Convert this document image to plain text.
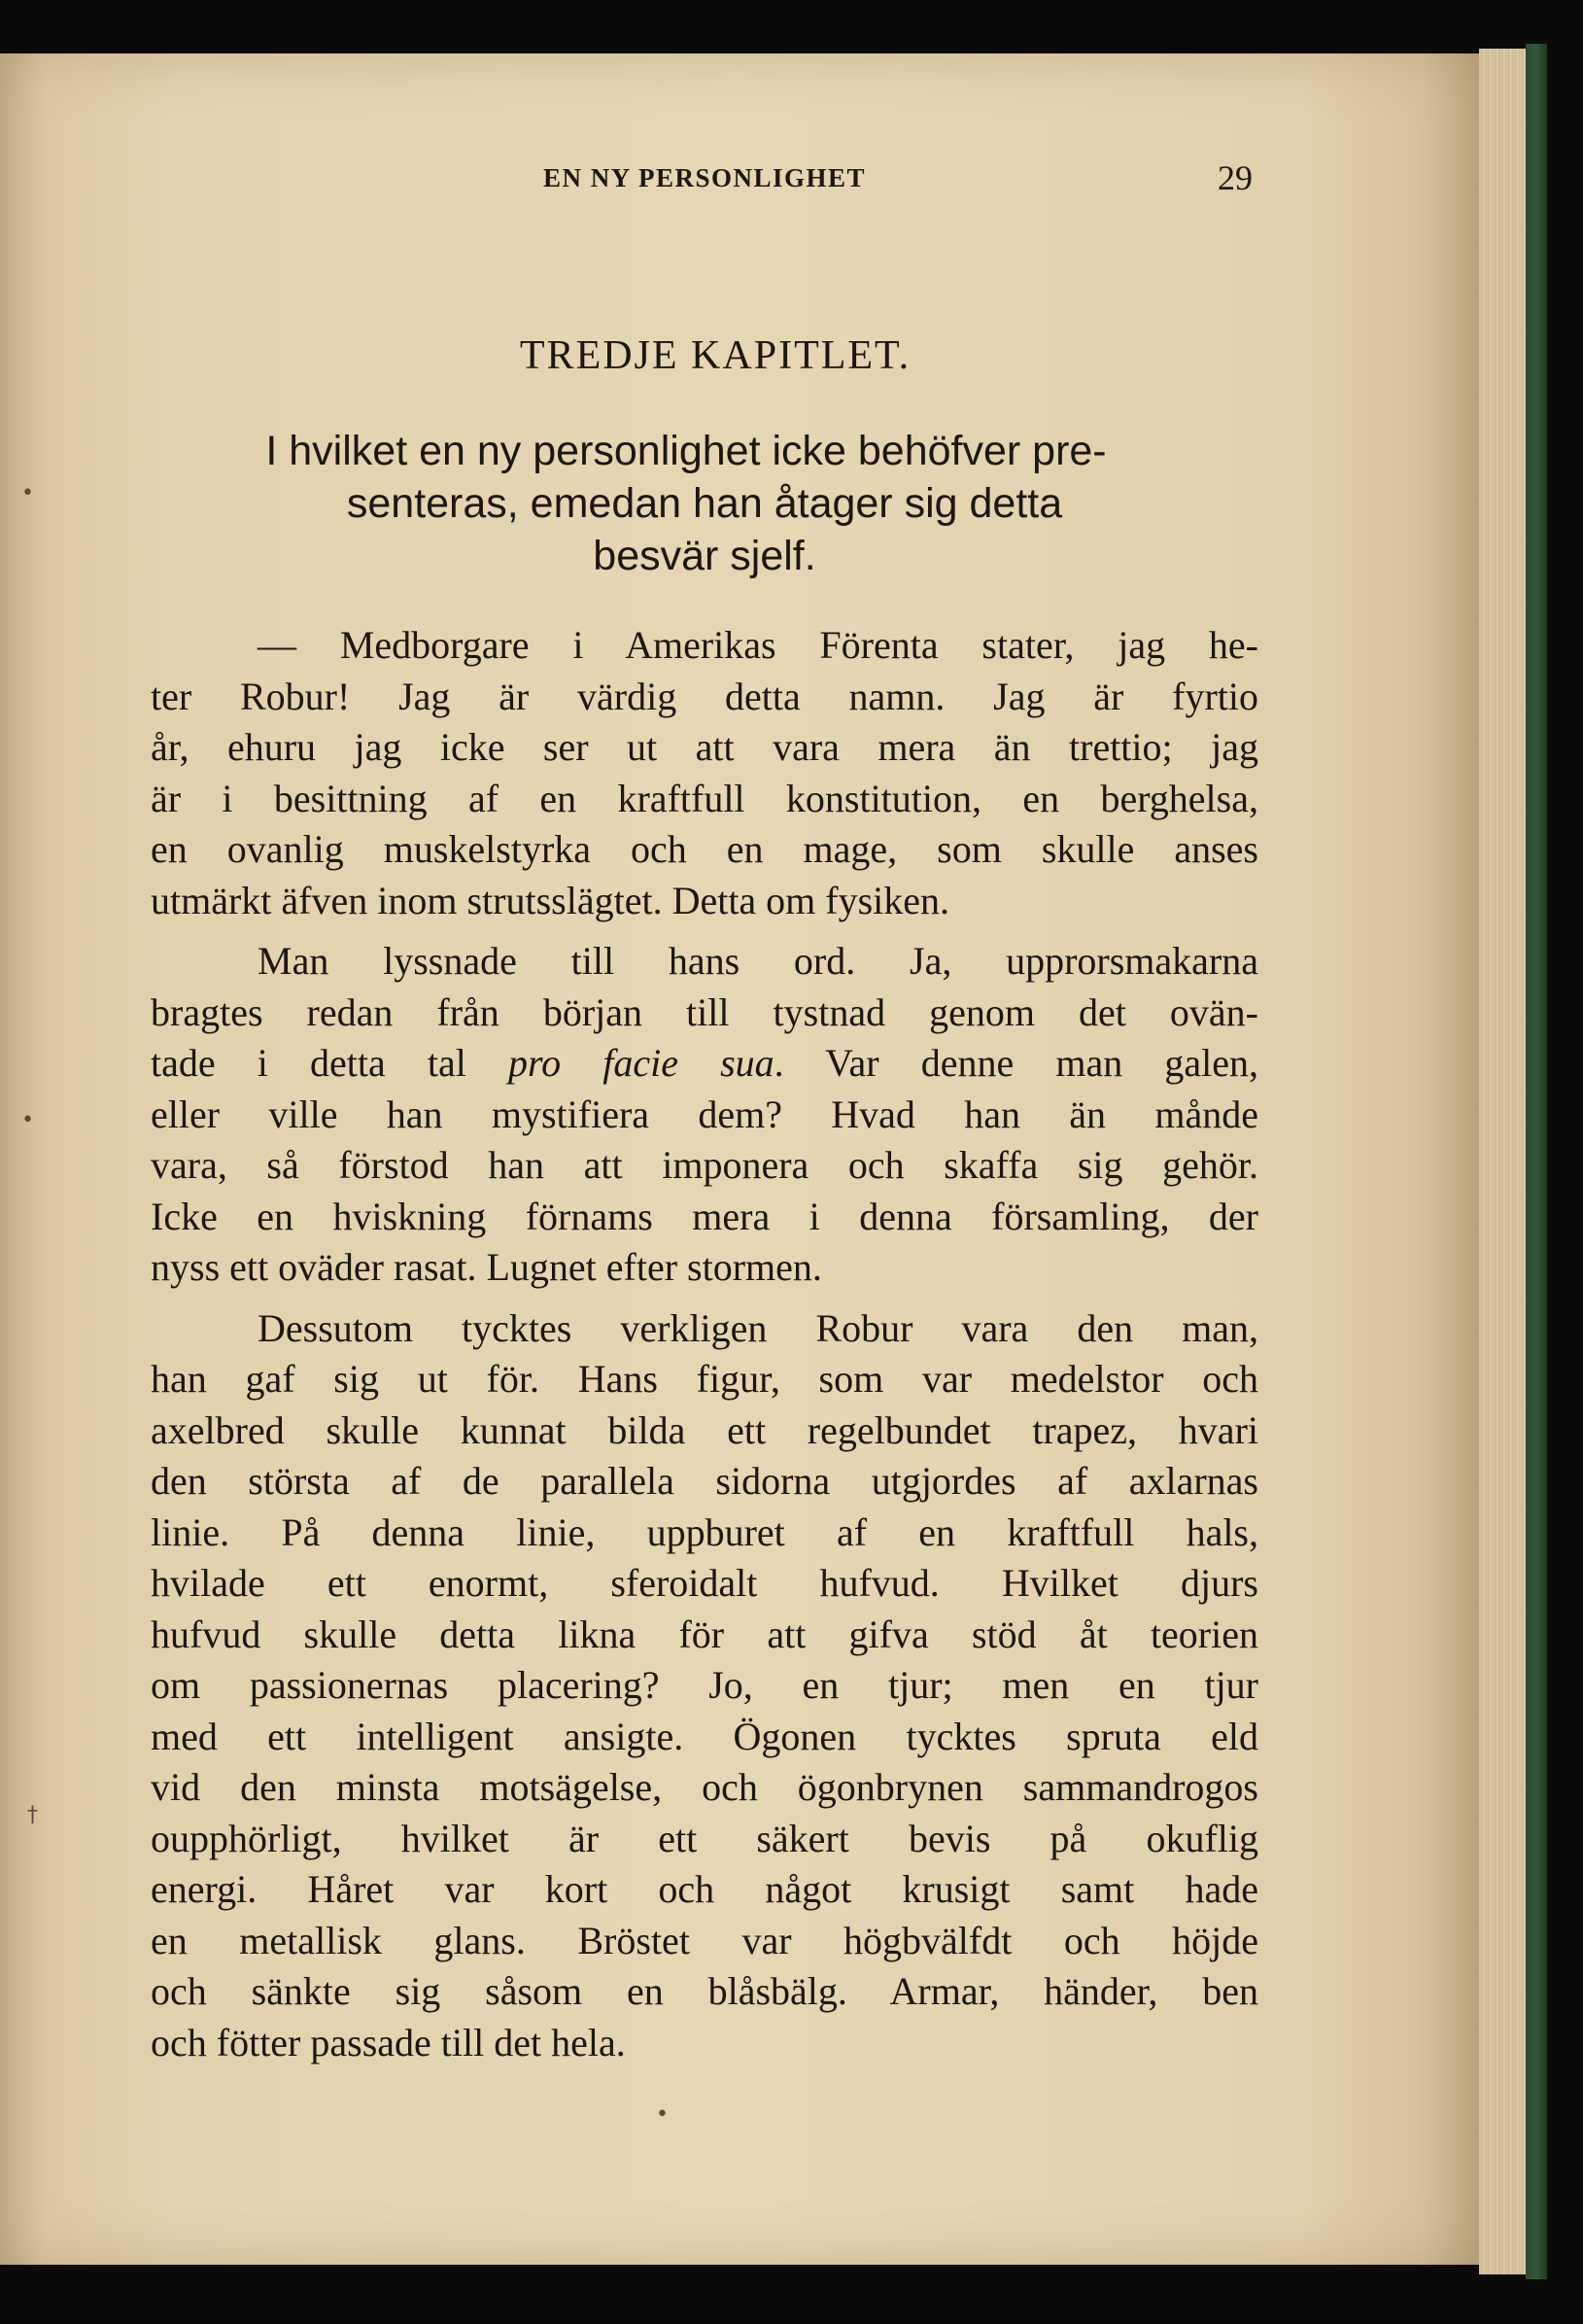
EN NY PERSONLIGHET	29
TREDJE KAPITLET.
I hvilket en ny personlighet icke behöfver pre-
senteras, emedan han åtager sig detta
besvär sjelf.
— Medborgare i Amerikas Förenta stater, jag he-
ter Robur! Jag är värdig detta namn. Jag är fyrtio
år, ehuru jag icke ser ut att vara mera än trettio; jag
är i besittning af en kraftfull konstitution, en berghelsa,
en ovanlig muskelstyrka och en mage, som skulle anses
utmärkt äfven inom strutsslägtet. Detta om fysiken.
Man lyssnade till hans ord. Ja, upprorsmakarna
bragtes redan från början till tystnad genom det ovän-
tade i detta tal pro facie sua. Var denne man galen,
eller ville han mystifiera dem? Hvad han än månde
vara, så förstod han att imponera och skaffa sig gehör.
Icke en hviskning förnams mera i denna församling, der
nyss ett oväder rasat. Lugnet efter stormen.
Dessutom tycktes verkligen Robur vara den man,
han gaf sig ut för. Hans figur, som var medelstor och
axelbred skulle kunnat bilda ett regelbundet trapez, hvari
den största af de parallela sidorna utgjordes af axlarnas
linie. På denna linie, uppburet af en kraftfull hals,
hvilade ett enormt, sferoidalt hufvud. Hvilket djurs
hufvud skulle detta likna för att gifva stöd åt teorien
om passionernas placering? Jo, en tjur; men en tjur
med ett intelligent ansigte. Ögonen tycktes spruta eld
vid den minsta motsägelse, och ögonbrynen sammandrogos
oupphörligt, hvilket är ett säkert bevis på okuflig
energi. Håret var kort och något krusigt samt hade
en metallisk glans. Bröstet var högbvälfdt och höjde
och sänkte sig såsom en blåsbälg. Armar, händer, ben
och fötter passade till det hela.
•
•
†
•
